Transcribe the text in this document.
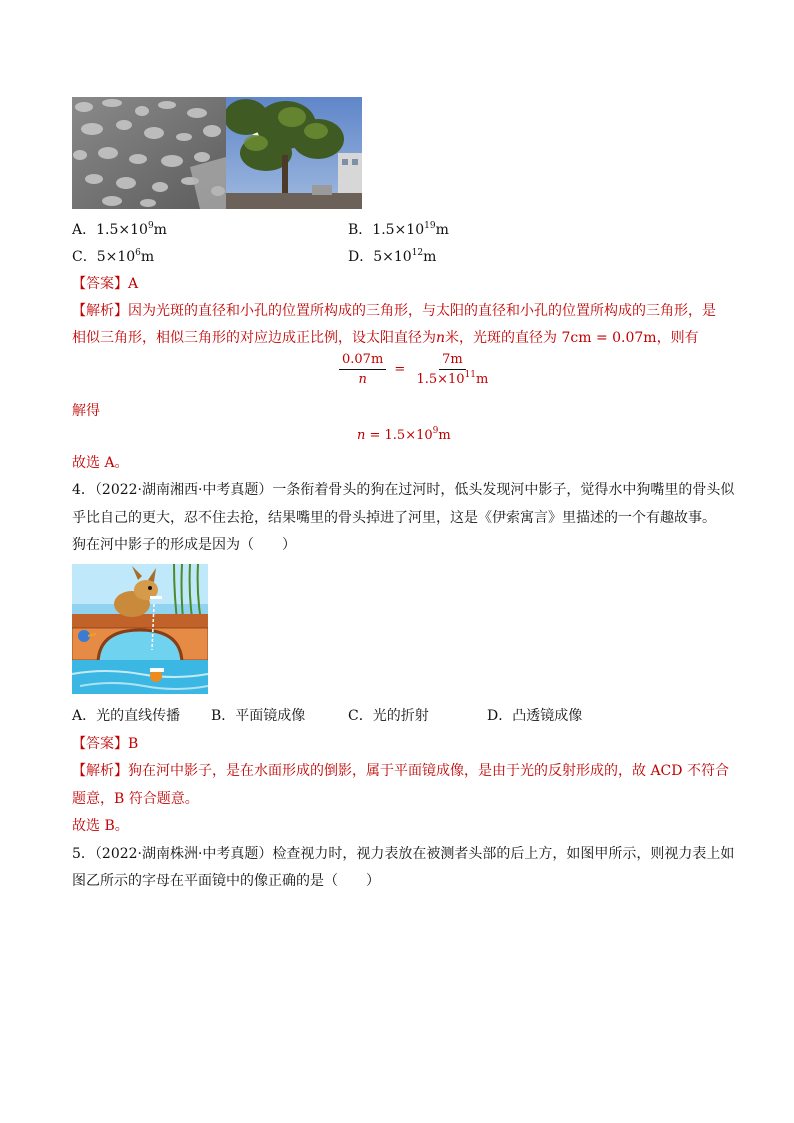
A．$1.5\times 10^9m$	B．$1.5\times 10^{19}m$
C．$5\times 10^6m$	D．$5\times 10^{12}m$
【答案】A
【解析】因为光斑的直径和小孔的位置所构成的三角形，与太阳的直径和小孔的位置所构成的三角形，是
相似三角形，相似三角形的对应边成正比例，设太阳直径为n米，光斑的直径为 7cm = 0.07m，则有
$\frac{0.07m}{n} = \frac{7m}{1.5\times 10^{11}m}$
解得
$n = 1.5\times 10^9m$
故选 A。
4．（2022·湖南湘西·中考真题）一条衔着骨头的狗在过河时，低头发现河中影子，觉得水中狗嘴里的骨头似
乎比自己的更大，忍不住去抢，结果嘴里的骨头掉进了河里，这是《伊索寓言》里描述的一个有趣故事。
狗在河中影子的形成是因为（　　）
A．光的直线传播 B．平面镜成像	C．光的折射	D．凸透镜成像
【答案】B
【解析】狗在河中影子，是在水面形成的倒影，属于平面镜成像，是由于光的反射形成的，故 ACD 不符合
题意，B 符合题意。
故选 B。
5．（2022·湖南株洲·中考真题）检查视力时，视力表放在被测者头部的后上方，如图甲所示，则视力表上如
图乙所示的字母在平面镜中的像正确的是（　　）
